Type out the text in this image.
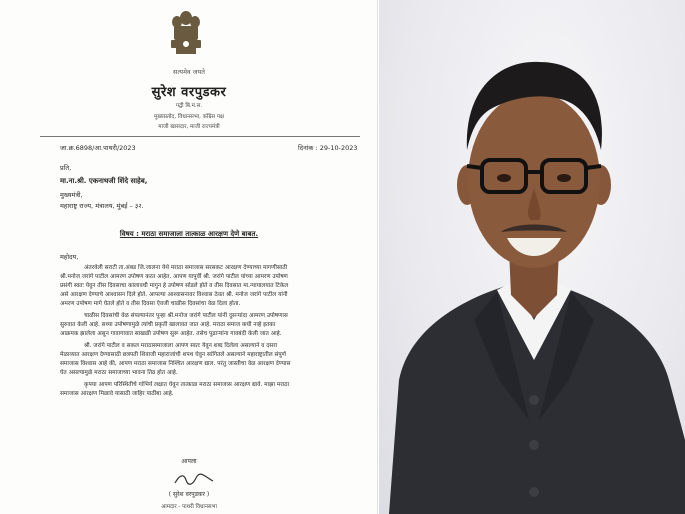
सत्यमेव जयते
सुरेश वरपुडकर
पद्वी बि.म.स.
मुख्यप्रतोद, विधानसभा, कॉंग्रेस पक्ष
माजी खासदार, माजी राज्यमंत्री
जा.क्र.6898/आ.पाथरी/2023	दिनांक : 29-10-2023
प्रति,
मा.ना.श्री. एकनाथजी शिंदे साहेब,
मुख्यमंत्री,
महाराष्ट्र राज्य, मंत्रालय, मुंबई – ३२.
विषय : मराठा समाजाला तात्काळ आरक्षण देणे बाबत.
महोदय,
अंतरवेली सराटी ता.अंबड जि.जालना येथे मराठा समाजास सरसकट आरक्षण देण्याच्या मागणीसाठी
श्री.मनोज जरांगे पाटील आमरण उपोषण करत आहेत. आपण यापुर्वी श्री. जरांगे पाटील यांच्या आमरण उपोषण
प्रसंगी स्वतः येवुन तीस दिवसाचा कालावधी मागुन हे उपोषण सोडले होते व तीस दिवसात मा.न्यायालयात टिकेल
असे आरक्षण देण्याचे आश्वासन दिले होते. आपल्या आश्वासनावर विश्वास ठेवत श्री. मनोज जरांगे पाटील यांनी
अमरण उपोषण मागे घेतले होते व तीस दिवसा ऐवजी चाळीस दिवसांचा वेळ दिला होता.
चाळीस दिवसांची वेळ संपल्यानंतर पुन्हा श्री.मनोज जरांगे पाटील यांनी दुसऱ्यांदा आमरण उपोषणास
सुरुवात केली आहे. सध्या उपोषणामुळे त्यांची प्रकृती खालावत जात आहे. मराठा समाज कधी नव्हे इतका
आक्रमक झालेला असुन गावागावात साखळी उपोषण सुरू आहेत. तसेच पुढाऱ्यांना गावबंदी केली जात आहे.
श्री. जरांगे पाटील व सकल मराठासमाजाला आपण स्वतः येवुन शब्द दिलेला असल्याने व दसरा
मेळाव्यात आरक्षण देण्यासाठी छत्रपती शिवाजी महाराजांची शपथ घेवुन सांगितले असल्याने महाराष्ट्रातील संपुर्ण
समाजास विश्वास आहे की, आपण मराठा समाजास निश्चित आरक्षण द्याल. परंतु जास्तीचा वेळ आरक्षण देण्यास
घेत असल्यामुळे मराठा समाजाच्या भावना तिव्र होत आहे.
कृपया आपण परिस्थितीचे गांभिर्य लक्षात घेवुन तात्काळ मराठा समाजास आरक्षण द्यावे. माझा मराठा
समाजास आरक्षण मिळावे यासाठी जाहिर पाठींबा आहे.
आपला
( सुरेश वरपुडकर )
आमदार - पाथरी विधानसभा
